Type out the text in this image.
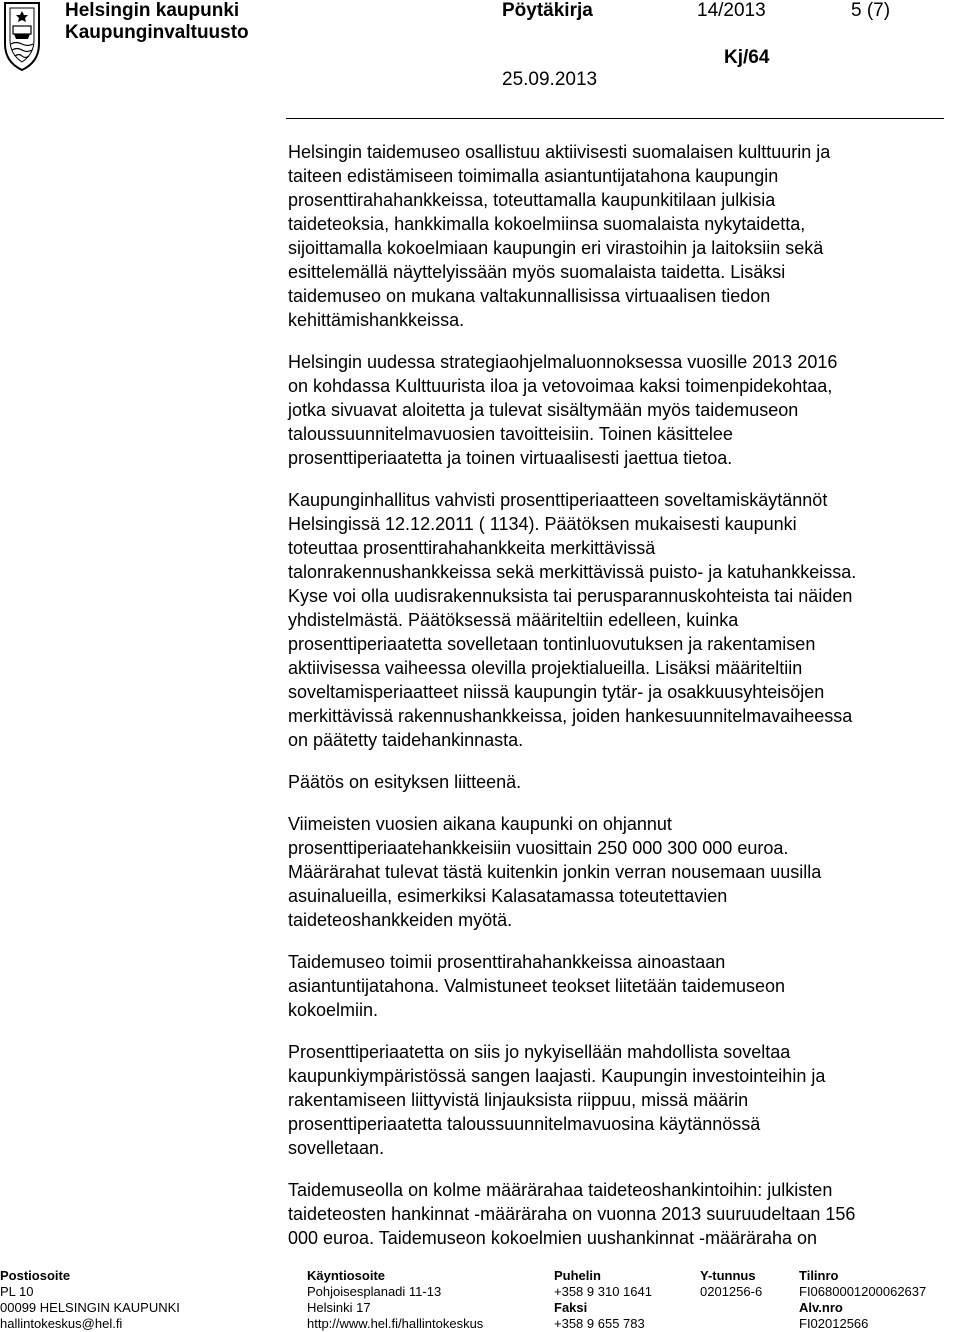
Helsingin kaupunki
Kaupunginvaltuusto
Pöytäkirja	14/2013	5 (7)
Kj/64
25.09.2013

Helsingin taidemuseo osallistuu aktiivisesti suomalaisen kulttuurin ja
taiteen edistämiseen toimimalla asiantuntijatahona kaupungin
prosenttirahahankkeissa, toteuttamalla kaupunkitilaan julkisia
taideteoksia, hankkimalla kokoelmiinsa suomalaista nykytaidetta,
sijoittamalla kokoelmiaan kaupungin eri virastoihin ja laitoksiin sekä
esittelemällä näyttelyissään myös suomalaista taidetta. Lisäksi
taidemuseo on mukana valtakunnallisissa virtuaalisen tiedon
kehittämishankkeissa.

Helsingin uudessa strategiaohjelmaluonnoksessa vuosille 2013 2016
on kohdassa Kulttuurista iloa ja vetovoimaa kaksi toimenpidekohtaa,
jotka sivuavat aloitetta ja tulevat sisältymään myös taidemuseon
taloussuunnitelmavuosien tavoitteisiin. Toinen käsittelee
prosenttiperiaatetta ja toinen virtuaalisesti jaettua tietoa.

Kaupunginhallitus vahvisti prosenttiperiaatteen soveltamiskäytännöt
Helsingissä 12.12.2011 ( 1134). Päätöksen mukaisesti kaupunki
toteuttaa prosenttirahahankkeita merkittävissä
talonrakennushankkeissa sekä merkittävissä puisto- ja katuhankkeissa.
Kyse voi olla uudisrakennuksista tai perusparannuskohteista tai näiden
yhdistelmästä. Päätöksessä määriteltiin edelleen, kuinka
prosenttiperiaatetta sovelletaan tontinluovutuksen ja rakentamisen
aktiivisessa vaiheessa olevilla projektialueilla. Lisäksi määriteltiin
soveltamisperiaatteet niissä kaupungin tytär- ja osakkuusyhteisöjen
merkittävissä rakennushankkeissa, joiden hankesuunnitelmavaiheessa
on päätetty taidehankinnasta.

Päätös on esityksen liitteenä.

Viimeisten vuosien aikana kaupunki on ohjannut
prosenttiperiaatehankkeisiin vuosittain 250 000 300 000 euroa.
Määrärahat tulevat tästä kuitenkin jonkin verran nousemaan uusilla
asuinalueilla, esimerkiksi Kalasatamassa toteutettavien
taideteoshankkeiden myötä.

Taidemuseo toimii prosenttirahahankkeissa ainoastaan
asiantuntijatahona. Valmistuneet teokset liitetään taidemuseon
kokoelmiin.

Prosenttiperiaatetta on siis jo nykyisellään mahdollista soveltaa
kaupunkiympäristössä sangen laajasti. Kaupungin investointeihin ja
rakentamiseen liittyvistä linjauksista riippuu, missä määrin
prosenttiperiaatetta taloussuunnitelmavuosina käytännössä
sovelletaan.

Taidemuseolla on kolme määrärahaa taideteoshankintoihin: julkisten
taideteosten hankinnat -määräraha on vuonna 2013 suuruudeltaan 156
000 euroa. Taidemuseon kokoelmien uushankinnat -määräraha on

Postiosoite
PL 10
00099 HELSINGIN KAUPUNKI
hallintokeskus@hel.fi
Käyntiosoite
Pohjoisesplanadi 11-13
Helsinki 17
http://www.hel.fi/hallintokeskus
Puhelin
+358 9 310 1641
Faksi
+358 9 655 783
Y-tunnus
0201256-6
Tilinro
FI0680001200062637
Alv.nro
FI02012566
